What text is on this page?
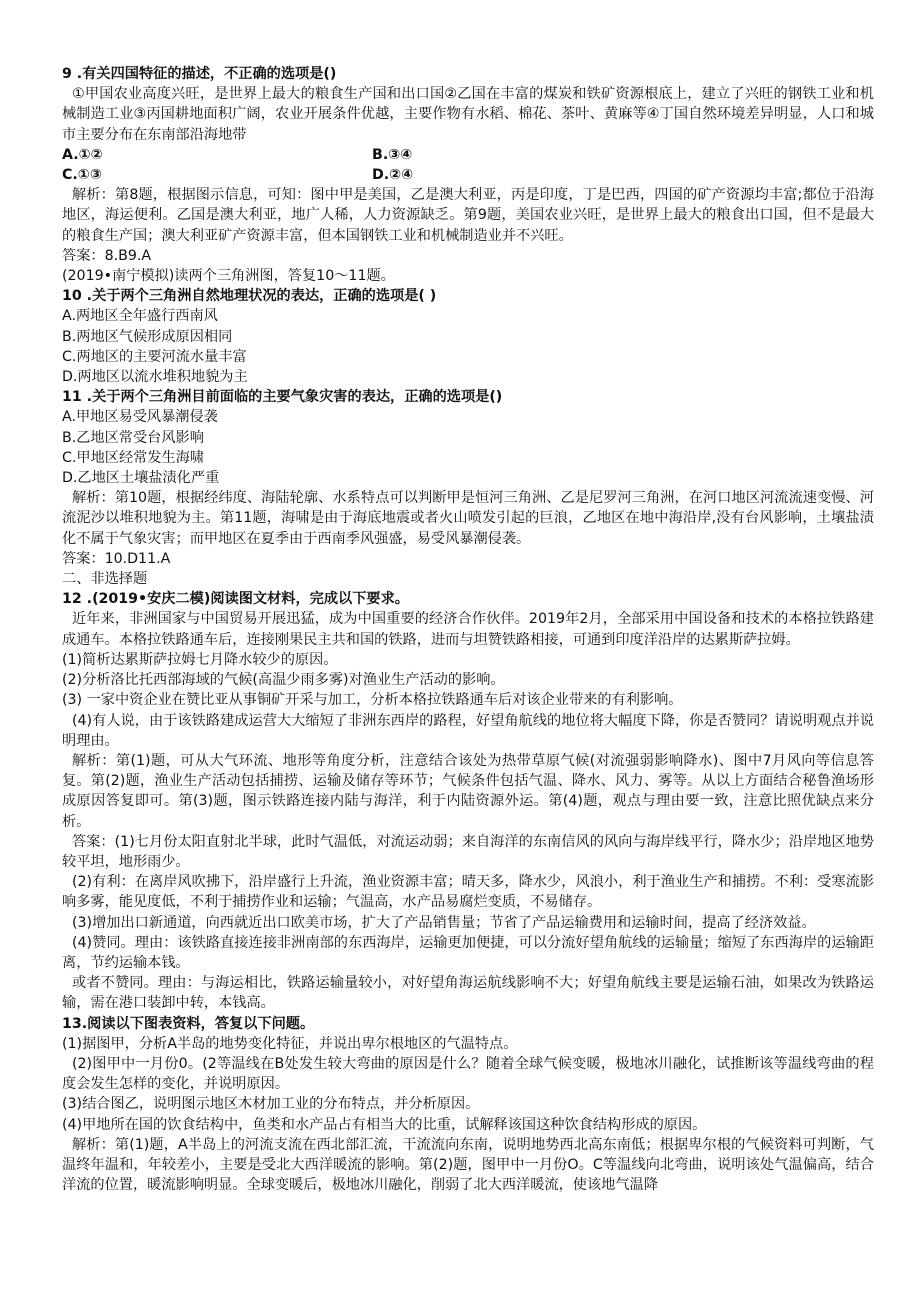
9 .有关四国特征的描述，不正确的选项是()

①甲国农业高度兴旺，是世界上最大的粮食生产国和出口国②乙国在丰富的煤炭和铁矿资源根底上，建立了兴旺的钢铁工业和机械制造工业③丙国耕地面积广阔，农业开展条件优越，主要作物有水稻、棉花、茶叶、黄麻等④丁国自然环境差异明显，人口和城市主要分布在东南部沿海地带

A.①②	B.③④
C.①③	D.②④

解析：第8题，根据图示信息，可知：图中甲是美国，乙是澳大利亚，丙是印度，丁是巴西，四国的矿产资源均丰富;都位于沿海地区，海运便利。乙国是澳大利亚，地广人稀，人力资源缺乏。第9题，美国农业兴旺，是世界上最大的粮食出口国，但不是最大的粮食生产国；澳大利亚矿产资源丰富，但本国钢铁工业和机械制造业并不兴旺。

答案：8.B9.A

(2019•南宁模拟)读两个三角洲图，答复10〜11题。

10 .关于两个三角洲自然地理状况的表达，正确的选项是( )

A.两地区全年盛行西南风

B.两地区气候形成原因相同

C.两地区的主要河流水量丰富

D.两地区以流水堆积地貌为主

11 .关于两个三角洲目前面临的主要气象灾害的表达，正确的选项是()

A.甲地区易受风暴潮侵袭

B.乙地区常受台风影响

C.甲地区经常发生海啸

D.乙地区土壤盐渍化严重

解析：第10题，根据经纬度、海陆轮廓、水系特点可以判断甲是恒河三角洲、乙是尼罗河三角洲，在河口地区河流流速变慢、河流泥沙以堆积地貌为主。第11题，海啸是由于海底地震或者火山喷发引起的巨浪，乙地区在地中海沿岸,没有台风影响，土壤盐渍化不属于气象灾害；而甲地区在夏季由于西南季风强盛，易受风暴潮侵袭。

答案：10.D11.A

二、非选择题

12 .(2019•安庆二模)阅读图文材料，完成以下要求。

近年来，非洲国家与中国贸易开展迅猛，成为中国重要的经济合作伙伴。2019年2月，全部采用中国设备和技术的本格拉铁路建成通车。本格拉铁路通车后，连接刚果民主共和国的铁路，进而与坦赞铁路相接，可通到印度洋沿岸的达累斯萨拉姆。

(1)简析达累斯萨拉姆七月降水较少的原因。

(2)分析洛比托西部海域的气候(高温少雨多雾)对渔业生产活动的影响。

(3) 一家中资企业在赞比亚从事铜矿开采与加工，分析本格拉铁路通车后对该企业带来的有利影响。

(4)有人说，由于该铁路建成运营大大缩短了非洲东西岸的路程，好望角航线的地位将大幅度下降，你是否赞同？请说明观点并说明理由。

解析：第(1)题，可从大气环流、地形等角度分析，注意结合该处为热带草原气候(对流强弱影响降水)、图中7月风向等信息答复。第(2)题，渔业生产活动包括捕捞、运输及储存等环节；气候条件包括气温、降水、风力、雾等。从以上方面结合秘鲁渔场形成原因答复即可。第(3)题，图示铁路连接内陆与海洋，利于内陆资源外运。第(4)题，观点与理由要一致，注意比照优缺点来分析。

答案：(1)七月份太阳直射北半球，此时气温低，对流运动弱；来自海洋的东南信风的风向与海岸线平行，降水少；沿岸地区地势较平坦，地形雨少。

(2)有利：在离岸风吹拂下，沿岸盛行上升流，渔业资源丰富；晴天多，降水少，风浪小，利于渔业生产和捕捞。不利：受寒流影响多雾，能见度低，不利于捕捞作业和运输；气温高，水产品易腐烂变质，不易储存。

(3)增加出口新通道，向西就近出口欧美市场，扩大了产品销售量；节省了产品运输费用和运输时间，提高了经济效益。

(4)赞同。理由：该铁路直接连接非洲南部的东西海岸，运输更加便捷，可以分流好望角航线的运输量；缩短了东西海岸的运输距离，节约运输本钱。

或者不赞同。理由：与海运相比，铁路运输量较小，对好望角海运航线影响不大；好望角航线主要是运输石油，如果改为铁路运输，需在港口装卸中转，本钱高。

13.阅读以下图表资料，答复以下问题。

(1)据图甲，分析A半岛的地势变化特征，并说出卑尔根地区的气温特点。

(2)图甲中一月份0。(2等温线在B处发生较大弯曲的原因是什么？随着全球气候变暖，极地冰川融化，试推断该等温线弯曲的程度会发生怎样的变化，并说明原因。

(3)结合图乙，说明图示地区木材加工业的分布特点，并分析原因。

(4)甲地所在国的饮食结构中，鱼类和水产品占有相当大的比重，试解释该国这种饮食结构形成的原因。

解析：第(1)题，A半岛上的河流支流在西北部汇流，干流流向东南，说明地势西北高东南低；根据卑尔根的气候资料可判断，气温终年温和，年较差小，主要是受北大西洋暖流的影响。第(2)题，图甲中一月份O。C等温线向北弯曲，说明该处气温偏高，结合洋流的位置，暖流影响明显。全球变暖后，极地冰川融化，削弱了北大西洋暖流，使该地气温降
